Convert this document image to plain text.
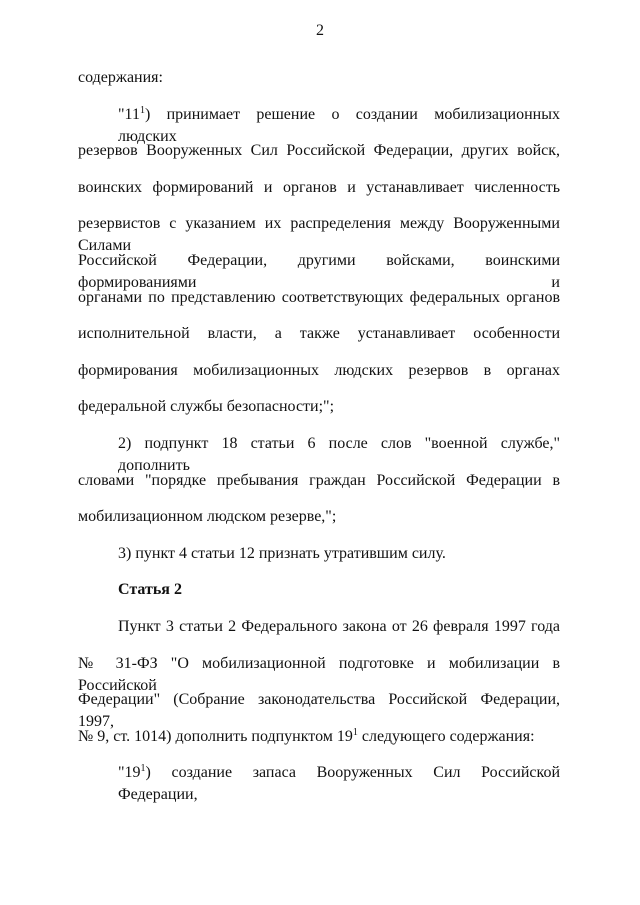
2
содержания:
"$11^1$) принимает решение о создании мобилизационных людских
резервов Вооруженных Сил Российской Федерации, других войск,
воинских формирований и органов и устанавливает численность
резервистов с указанием их распределения между Вооруженными Силами
Российской Федерации, другими войсками, воинскими формированиями и
органами по представлению соответствующих федеральных органов
исполнительной власти, а также устанавливает особенности
формирования мобилизационных людских резервов в органах
федеральной службы безопасности;";
2) подпункт 18 статьи 6 после слов "военной службе," дополнить
словами "порядке пребывания граждан Российской Федерации в
мобилизационном людском резерве,";
3) пункт 4 статьи 12 признать утратившим силу.
Статья 2
Пункт 3 статьи 2 Федерального закона от 26 февраля 1997 года
№ 31-ФЗ "О мобилизационной подготовке и мобилизации в Российской
Федерации" (Собрание законодательства Российской Федерации, 1997,
№ 9, ст. 1014) дополнить подпунктом $19^1$ следующего содержания:
"$19^1$) создание запаса Вооруженных Сил Российской Федерации,
